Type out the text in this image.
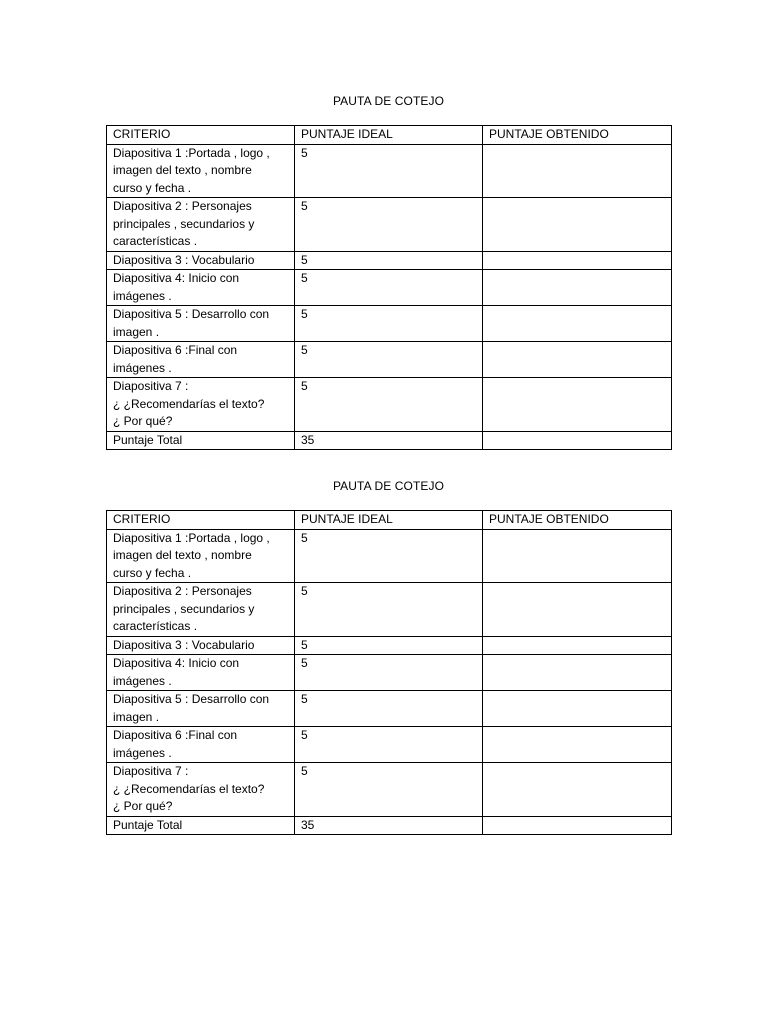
PAUTA DE COTEJO
CRITERIO	PUNTAJE IDEAL	PUNTAJE OBTENIDO
Diapositiva 1 :Portada , logo ,
imagen del texto , nombre
curso y fecha .	5	
Diapositiva 2 : Personajes
principales , secundarios y
características .	5	
Diapositiva 3 : Vocabulario	5	
Diapositiva 4: Inicio con
imágenes .	5	
Diapositiva 5 : Desarrollo con
imagen .	5	
Diapositiva 6 :Final con
imágenes .	5	
Diapositiva 7 :
¿ ¿Recomendarías el texto?
¿ Por qué?	5	
Puntaje Total	35	
PAUTA DE COTEJO
CRITERIO	PUNTAJE IDEAL	PUNTAJE OBTENIDO
Diapositiva 1 :Portada , logo ,
imagen del texto , nombre
curso y fecha .	5	
Diapositiva 2 : Personajes
principales , secundarios y
características .	5	
Diapositiva 3 : Vocabulario	5	
Diapositiva 4: Inicio con
imágenes .	5	
Diapositiva 5 : Desarrollo con
imagen .	5	
Diapositiva 6 :Final con
imágenes .	5	
Diapositiva 7 :
¿ ¿Recomendarías el texto?
¿ Por qué?	5	
Puntaje Total	35	
